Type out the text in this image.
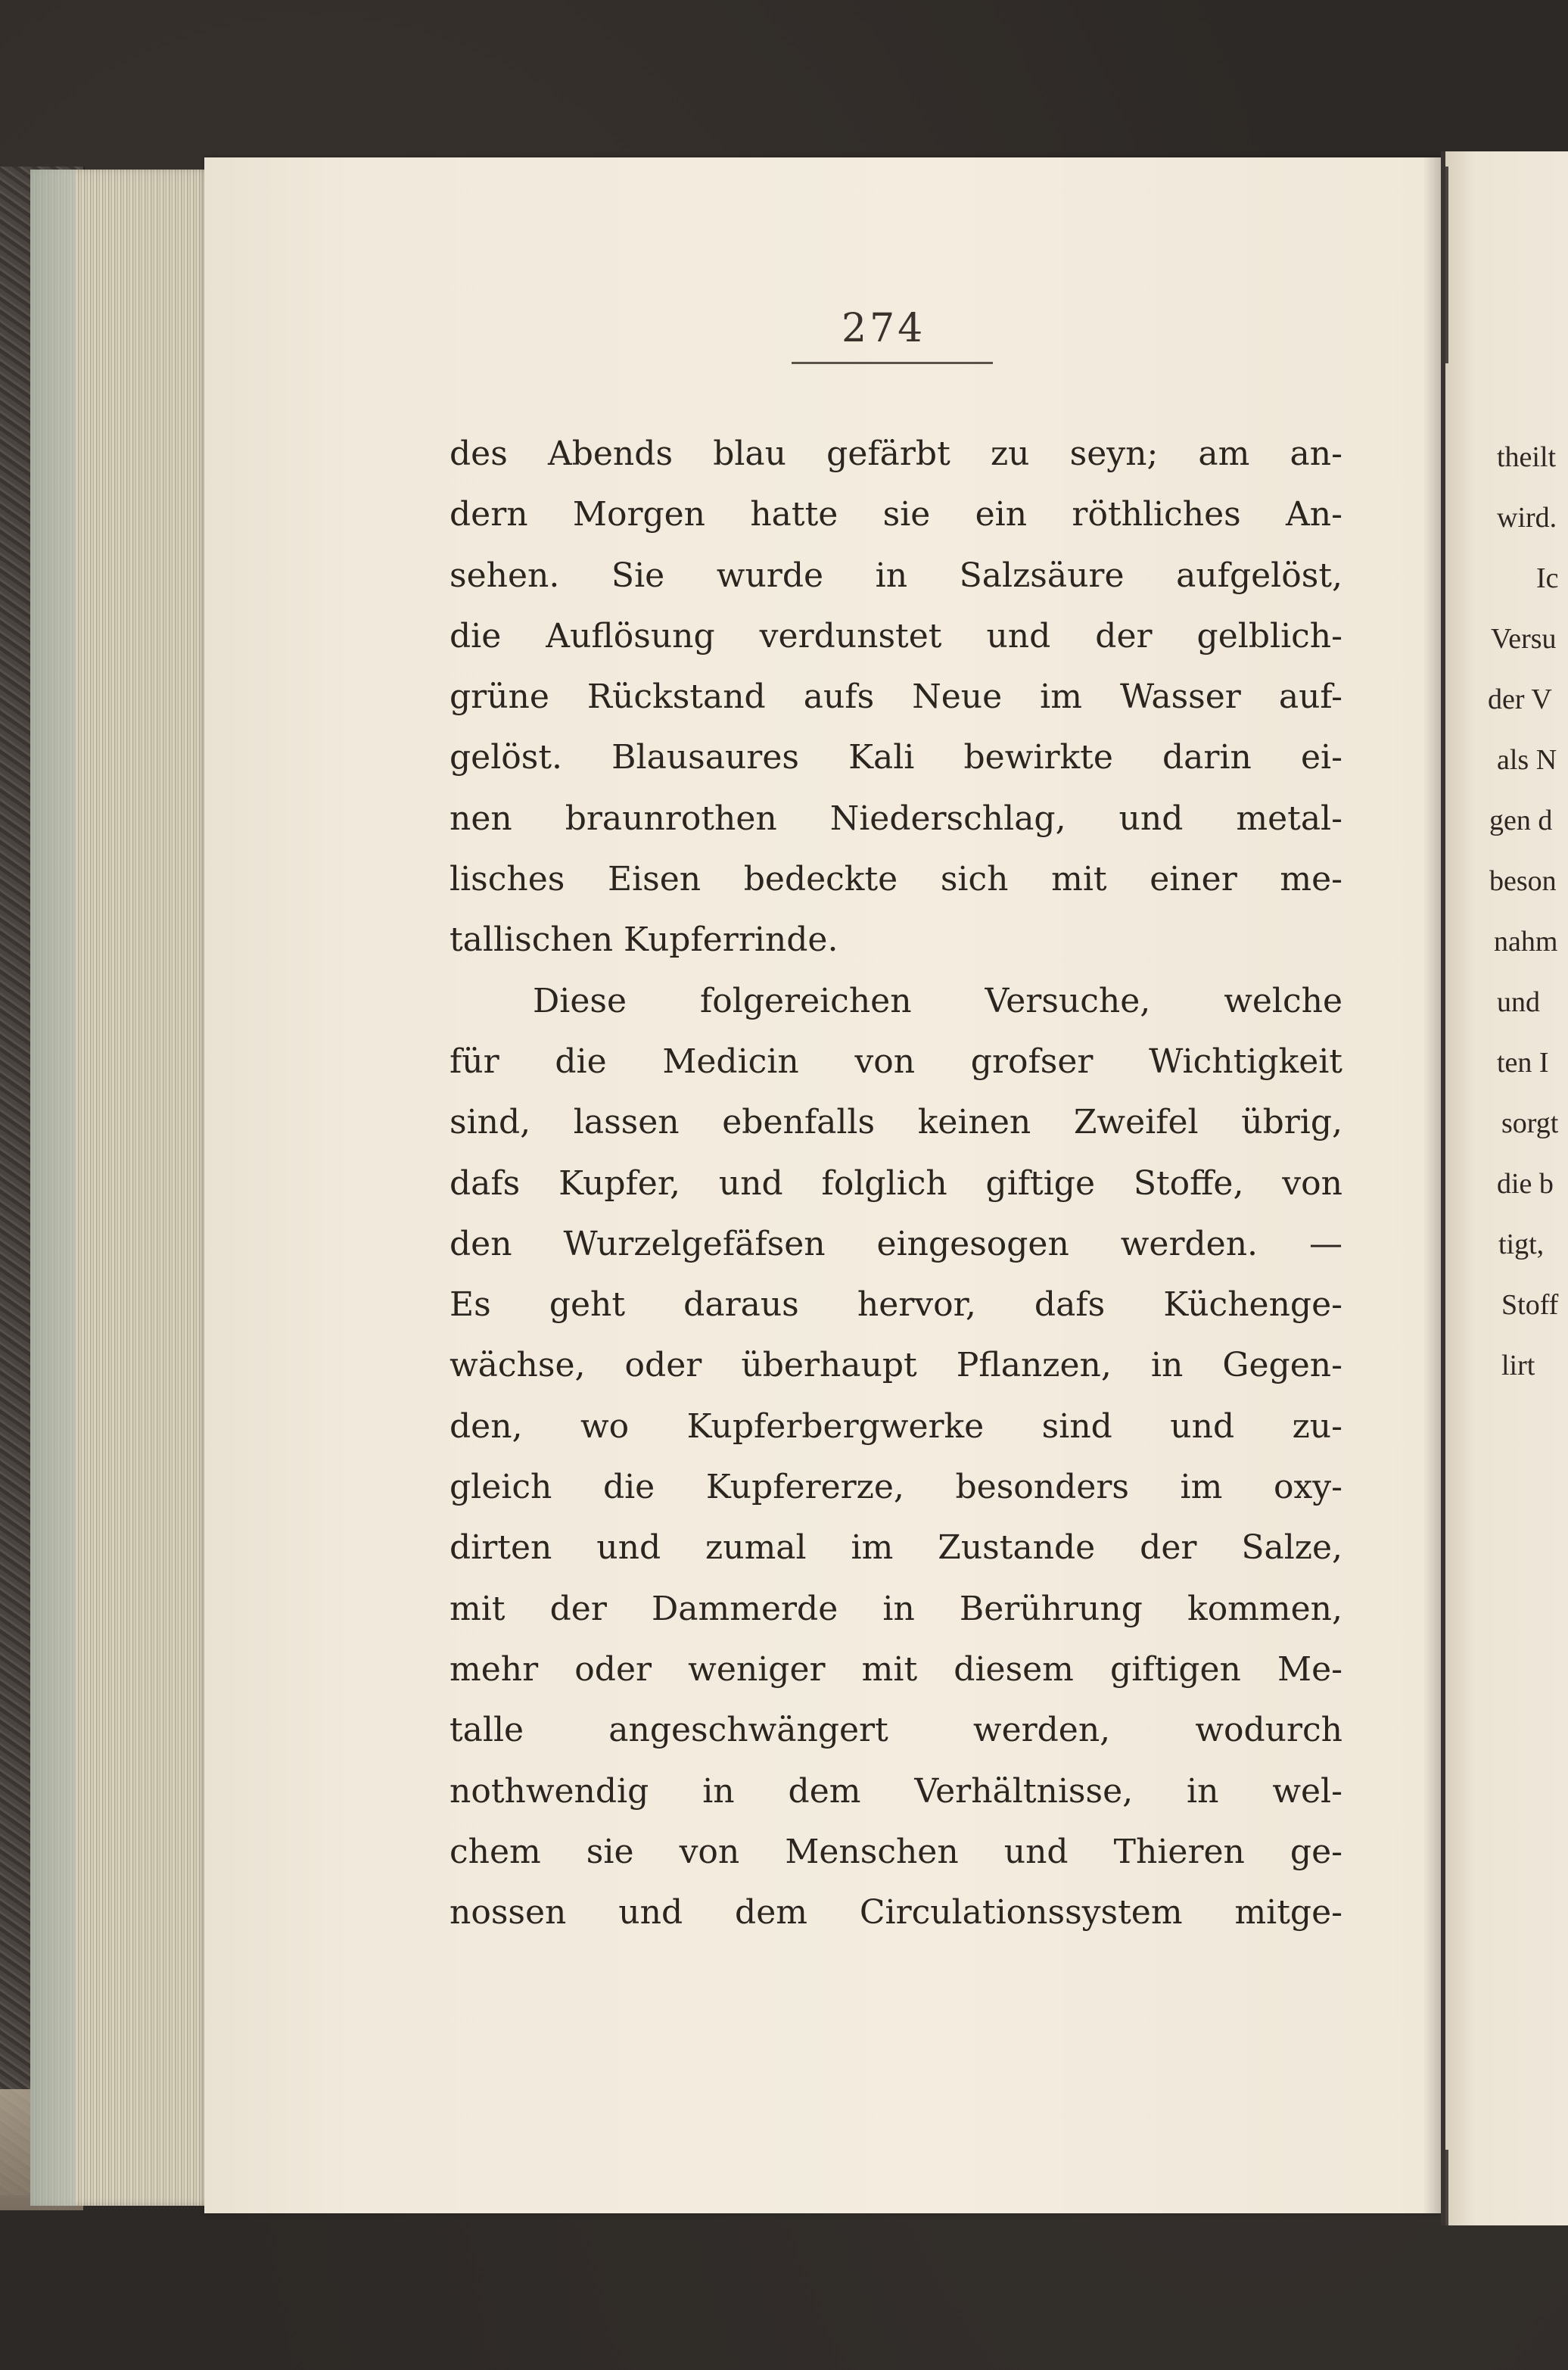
theilt
wird.
Ic
Versu
der V
als N
gen d
beson
nahm
und
ten I
sorgt
die b
tigt,
Stoff
lirt
274
des Abends blau gefärbt zu seyn; am an-
dern Morgen hatte sie ein röthliches An-
sehen. Sie wurde in Salzsäure aufgelöst,
die Auflösung verdunstet und der gelblich-
grüne Rückstand aufs Neue im Wasser auf-
gelöst. Blausaures Kali bewirkte darin ei-
nen braunrothen Niederschlag, und metal-
lisches Eisen bedeckte sich mit einer me-
tallischen Kupferrinde.
Diese folgereichen Versuche, welche
für die Medicin von grofser Wichtigkeit
sind, lassen ebenfalls keinen Zweifel übrig,
dafs Kupfer, und folglich giftige Stoffe, von
den Wurzelgefäfsen eingesogen werden. —
Es geht daraus hervor, dafs Küchenge-
wächse, oder überhaupt Pflanzen, in Gegen-
den, wo Kupferbergwerke sind und zu-
gleich die Kupfererze, besonders im oxy-
dirten und zumal im Zustande der Salze,
mit der Dammerde in Berührung kommen,
mehr oder weniger mit diesem giftigen Me-
talle angeschwängert werden, wodurch
nothwendig in dem Verhältnisse, in wel-
chem sie von Menschen und Thieren ge-
nossen und dem Circulationssystem mitge-
